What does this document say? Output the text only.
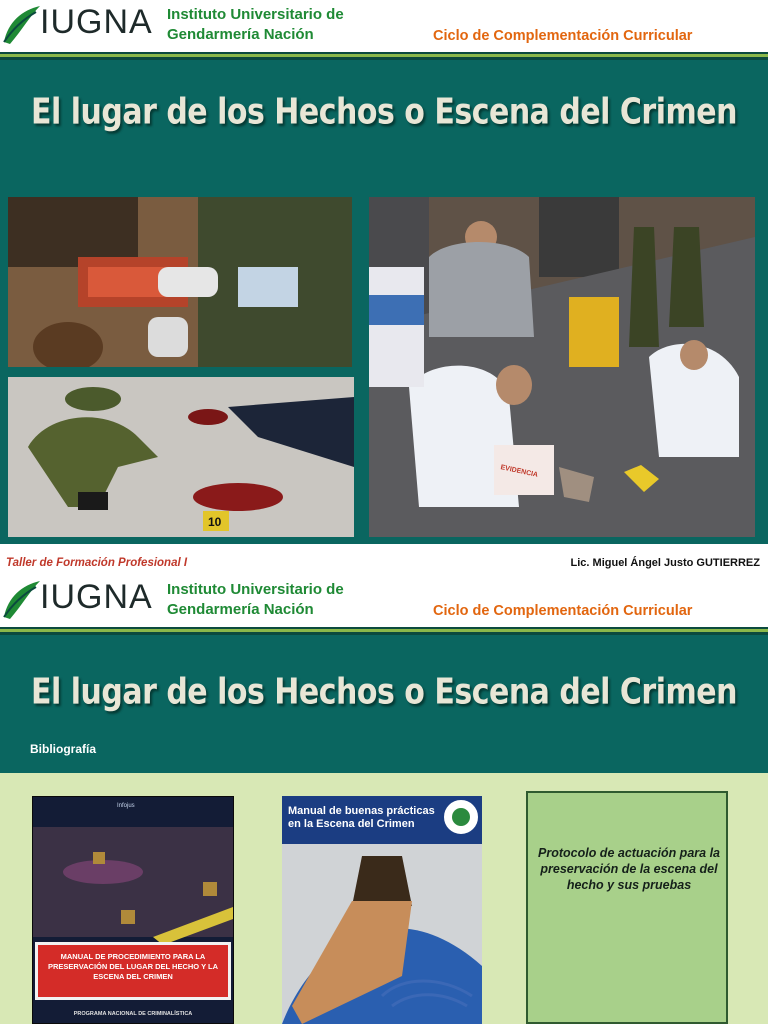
IUGNA Instituto Universitario de
Gendarmería Nación	Ciclo de Complementación Curricular
El lugar de los Hechos o Escena del Crimen
10
EVIDENCIA
Taller de Formación Profesional I	Lic. Miguel Ángel Justo GUTIERREZ
IUGNA Instituto Universitario de
Gendarmería Nación	Ciclo de Complementación Curricular
El lugar de los Hechos o Escena del Crimen
Bibliografía
Infojus
MANUAL DE PROCEDIMIENTO PARA LA PRESERVACIÓN DEL LUGAR DEL HECHO Y LA ESCENA DEL CRIMEN
PROGRAMA NACIONAL DE CRIMINALÍSTICA
Manual de buenas prácticas en la Escena del Crimen
Protocolo de actuación para la preservación de la escena del hecho y sus pruebas
